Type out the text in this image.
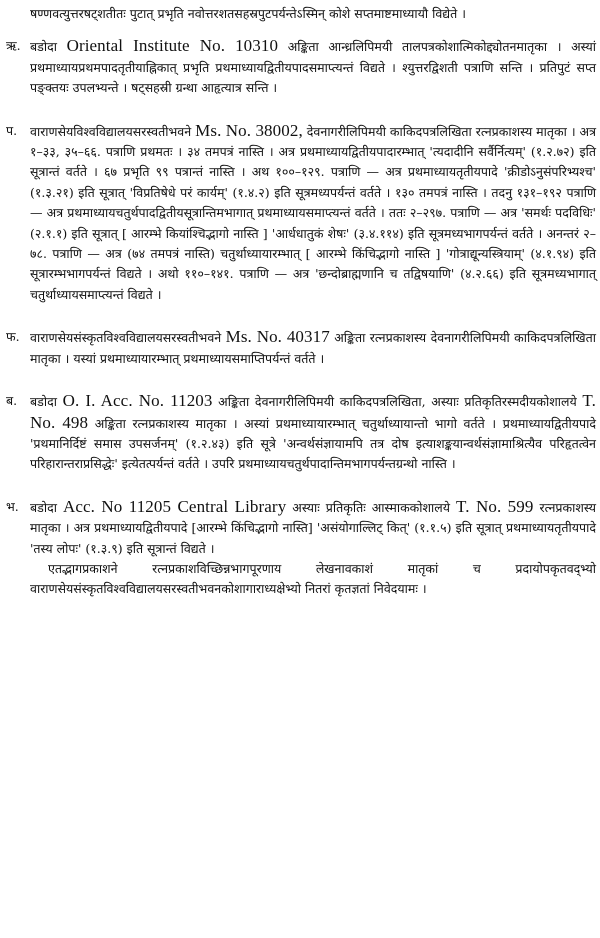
षण्णवत्युत्तरषट्शतीतः पुटात् प्रभृति नवोत्तरशतसहस्रपुटपर्यन्तेऽस्मिन् कोशे सप्तमाष्टमाध्यायौ विद्येते ।
ऋ. बडोदा Oriental Institute No. 10310 अङ्किता आन्ध्रलिपिमयी तालपत्रकोशात्मिकोद्द्योतनमातृका । अस्यां प्रथमाध्यायप्रथमपादतृतीयाह्निकात् प्रभृति प्रथमाध्यायद्वितीयपादसमाप्त्यन्तं विद्यते । श्युत्तरद्विशती पत्राणि सन्ति । प्रतिपुटं सप्त पङ्क्तयः उपलभ्यन्ते । षट्सहस्री ग्रन्था आहृत्यात्र सन्ति ।

प.	वाराणसेयविश्वविद्यालयसरस्वतीभवने Ms. No. 38002, देवनागरीलिपिमयी काकिदपत्रलिखिता रत्नप्रकाशस्य मातृका । अत्र १–३३, ३५–६६. पत्राणि प्रथमतः । ३४ तमपत्रं नास्ति । अत्र प्रथमाध्यायद्वितीयपादारम्भात् 'त्यदादीनि सर्वैर्नित्यम्' (१.२.७२) इति सूत्रान्तं वर्तते । ६७ प्रभृति ९९ पत्रान्तं नास्ति । अथ १००–१२९. पत्राणि — अत्र प्रथमाध्यायतृतीयपादे 'क्रीडोऽनुसंपरिभ्यश्च' (१.३.२१) इति सूत्रात् 'विप्रतिषेधे परं कार्यम्' (१.४.२) इति सूत्रमध्यपर्यन्तं वर्तते । १३० तमपत्रं नास्ति । तदनु १३१–१९२ पत्राणि — अत्र प्रथमाध्यायचतुर्थपादद्वितीयसूत्रान्तिमभागात् प्रथमाध्यायसमाप्त्यन्तं वर्तते । ततः २–२९७. पत्राणि — अत्र 'समर्थः पदविधिः' (२.१.१) इति सूत्रात् [ आरम्भे कियांश्चिद्भागो नास्ति ] 'आर्धधातुकं शेषः' (३.४.११४) इति सूत्रमध्यभागपर्यन्तं वर्तते । अनन्तरं २–७८. पत्राणि — अत्र (७४ तमपत्रं नास्ति) चतुर्थाध्यायारम्भात् [ आरम्भे किंचिद्भागो नास्ति ] 'गोत्राद्यून्यस्त्रियाम्' (४.१.९४) इति सूत्रारम्भभागपर्यन्तं विद्यते । अथो ११०–१४१. पत्राणि — अत्र 'छन्दोब्राह्मणानि च तद्विषयाणि' (४.२.६६) इति सूत्रमध्यभागात् चतुर्थाध्यायसमाप्त्यन्तं विद्यते ।

फ. वाराणसेयसंस्कृतविश्वविद्यालयसरस्वतीभवने Ms. No. 40317 अङ्किता रत्नप्रकाशस्य देवनागरीलिपिमयी काकिदपत्रलिखिता मातृका । यस्यां प्रथमाध्यायारम्भात् प्रथमाध्यायसमाप्तिपर्यन्तं वर्तते ।

ब.	बडोदा O. I. Acc. No. 11203 अङ्किता देवनागरीलिपिमयी काकिदपत्रलिखिता, अस्याः प्रतिकृतिरस्मदीयकोशालये T. No. 498 अङ्किता रत्नप्रकाशस्य मातृका । अस्यां प्रथमाध्यायारम्भात् चतुर्थाध्यायान्तो भागो वर्तते । प्रथमाध्यायद्वितीयपादे 'प्रथमानिर्दिष्टं समास उपसर्जनम्' (१.२.४३) इति सूत्रे 'अन्वर्थसंज्ञायामपि तत्र दोष इत्याशङ्कयान्वर्थसंज्ञामाश्रित्यैव परिहृतत्वेन परिहारान्तराप्रसिद्धेः' इत्येतत्पर्यन्तं वर्तते । उपरि प्रथमाध्यायचतुर्थपादान्तिमभागपर्यन्तग्रन्थो नास्ति ।

भ. बडोदा Acc. No 11205 Central Library अस्याः प्रतिकृतिः आस्माककोशालये T. No. 599 रत्नप्रकाशस्य मातृका । अत्र प्रथमाध्यायद्वितीयपादे [आरम्भे किंचिद्भागो नास्ति] 'असंयोगाल्लिट् कित्' (१.१.५) इति सूत्रात् प्रथमाध्यायतृतीयपादे 'तस्य लोपः' (१.३.९) इति सूत्रान्तं विद्यते ।

एतद्भागप्रकाशने रत्नप्रकाशविच्छिन्नभागपूरणाय लेखनावकाशं मातृकां च प्रदायोपकृतवद्भ्यो वाराणसेयसंस्कृतविश्वविद्यालयसरस्वतीभवनकोशागाराध्यक्षेभ्यो नितरां कृतज्ञतां निवेदयामः ।
